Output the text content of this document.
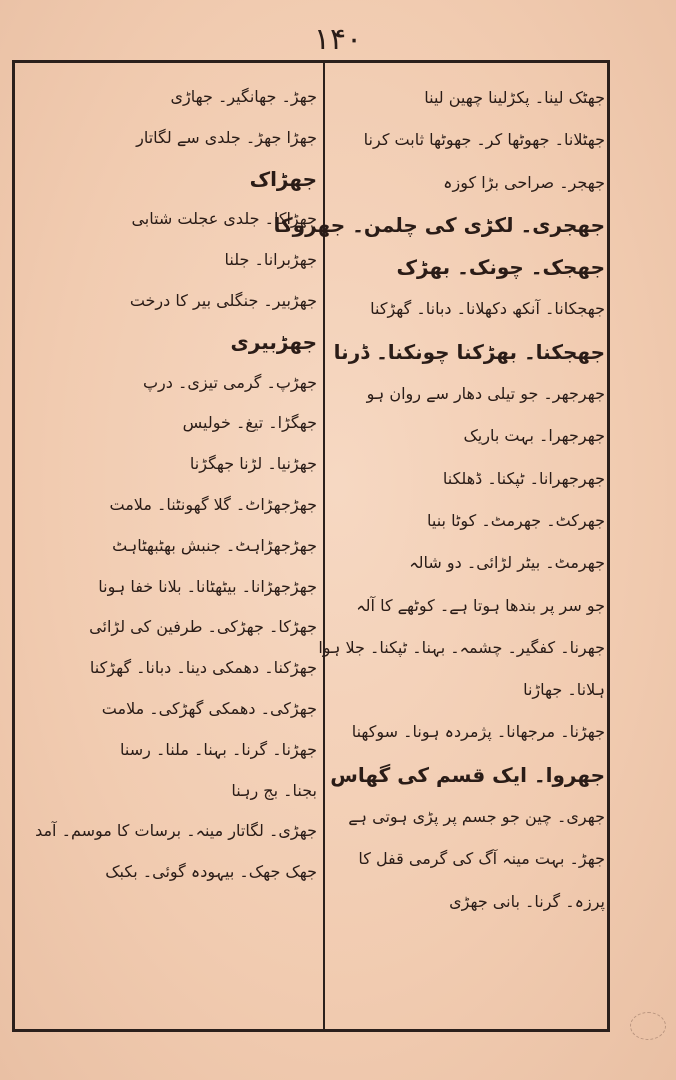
۱۴۰
جھٹک لینا۔ پکڑلینا چھین لینا
جھٹلانا۔ جھوٹھا کر۔ جھوٹھا ثابت کرنا
جھجر۔ صراحی بڑا کوزہ
جھجری۔ لکڑی کی چلمن۔ جھروکا
جھجک۔ چونک۔ بھڑک
جھجکانا۔ آنکھ دکھلانا۔ دبانا۔ گھڑکنا
جھجکنا۔ بھڑکنا چونکنا۔ ڈرنا
جھرجھر۔ جو تیلی دھار سے روان ہو
جھرجھرا۔ بہت باریک
جھرجھرانا۔ ٹپکنا۔ ڈھلکنا
جھرکٹ۔ جھرمٹ۔ کوٹا بنیا
جھرمٹ۔ بیٹر لڑائی۔ دو شالہ
جو سر پر بندھا ہوتا ہے۔ کوٹھے کا آلہ
جھرنا۔ کفگیر۔ چشمہ۔ بہنا۔ ٹپکنا۔ جلا ہوا
ہلانا۔ جھاڑنا
جھڑنا۔ مرجھانا۔ پژمردہ ہونا۔ سوکھنا
جھروا۔ ایک قسم کی گھاس
جھری۔ چین جو جسم پر پڑی ہوتی ہے
جھڑ۔ بہت مینہ آگ کی گرمی قفل کا
پرزہ۔ گرنا۔ بانی جھڑی
جھڑ۔ جھانگیر۔ جھاڑی
جھڑا جھڑ۔ جلدی سے لگاتار
جھڑاک
جھڑاکا۔ جلدی عجلت شتابی
جھڑبرانا۔ جلنا
جھڑبیر۔ جنگلی بیر کا درخت
جھڑبیری
جھڑپ۔ گرمی تیزی۔ درپ
جھگڑا۔ تیغ۔ خولیس
جھڑنیا۔ لڑنا جھگڑنا
جھڑجھڑاٹ۔ گلا گھونٹنا۔ ملامت
جھڑجھڑاہٹ۔ جنبش بھٹبھٹاہٹ
جھڑجھڑانا۔ بیٹھٹانا۔ بلانا خفا ہونا
جھڑکا۔ جھڑکی۔ طرفین کی لڑائی
جھڑکنا۔ دھمکی دینا۔ دبانا۔ گھڑکنا
جھڑکی۔ دھمکی گھڑکی۔ ملامت
جھڑنا۔ گرنا۔ بہنا۔ ملنا۔ رسنا
بجنا۔ بج رہنا
جھڑی۔ لگاتار مینہ۔ برسات کا موسم۔ آمد
جھک جھک۔ بیہودہ گوئی۔ بکبک
